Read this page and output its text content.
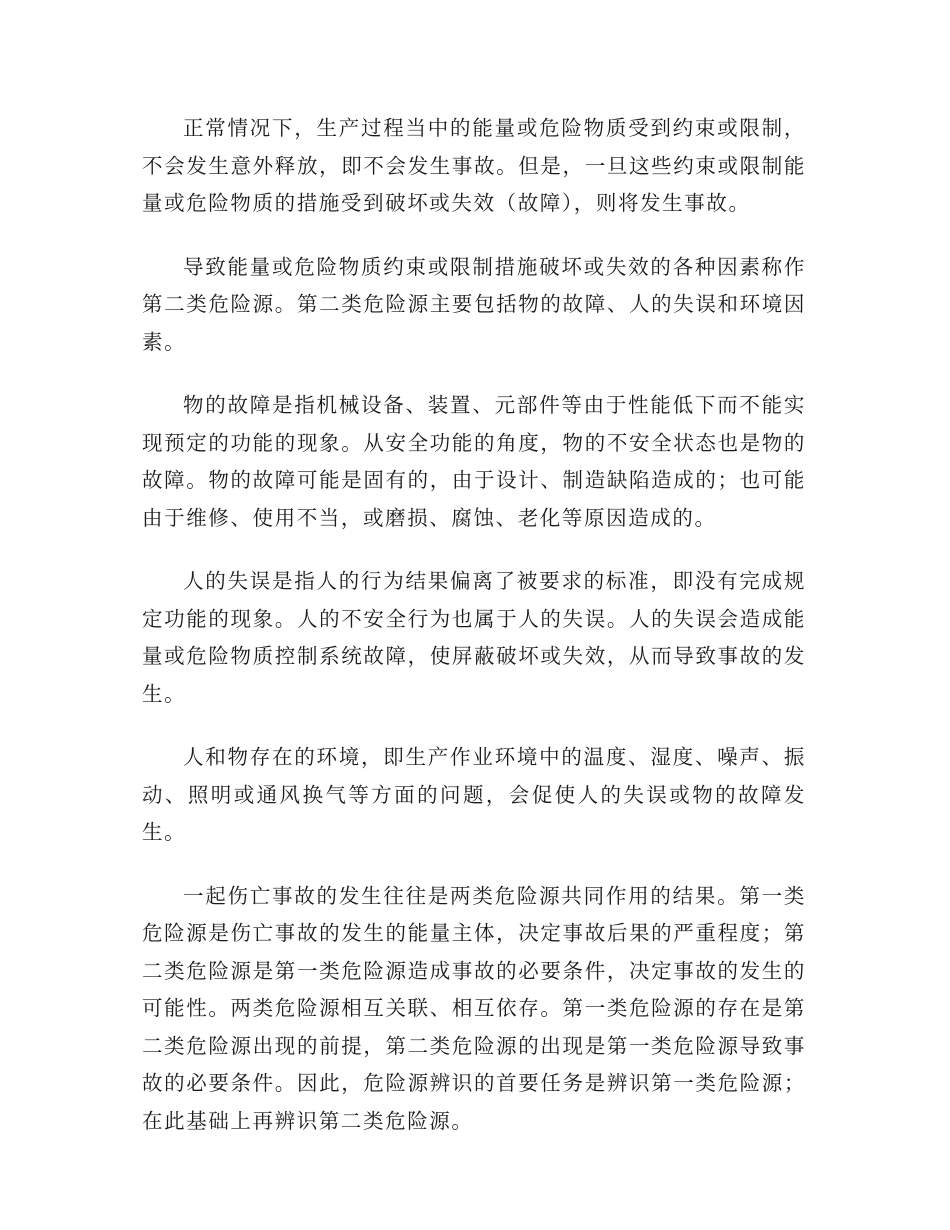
正常情况下，生产过程当中的能量或危险物质受到约束或限制，不会发生意外释放，即不会发生事故。但是，一旦这些约束或限制能量或危险物质的措施受到破坏或失效（故障），则将发生事故。

导致能量或危险物质约束或限制措施破坏或失效的各种因素称作第二类危险源。第二类危险源主要包括物的故障、人的失误和环境因素。

物的故障是指机械设备、装置、元部件等由于性能低下而不能实现预定的功能的现象。从安全功能的角度，物的不安全状态也是物的故障。物的故障可能是固有的，由于设计、制造缺陷造成的；也可能由于维修、使用不当，或磨损、腐蚀、老化等原因造成的。

人的失误是指人的行为结果偏离了被要求的标准，即没有完成规定功能的现象。人的不安全行为也属于人的失误。人的失误会造成能量或危险物质控制系统故障，使屏蔽破坏或失效，从而导致事故的发生。

人和物存在的环境，即生产作业环境中的温度、湿度、噪声、振动、照明或通风换气等方面的问题，会促使人的失误或物的故障发生。

一起伤亡事故的发生往往是两类危险源共同作用的结果。第一类危险源是伤亡事故的发生的能量主体，决定事故后果的严重程度；第二类危险源是第一类危险源造成事故的必要条件，决定事故的发生的可能性。两类危险源相互关联、相互依存。第一类危险源的存在是第二类危险源出现的前提，第二类危险源的出现是第一类危险源导致事故的必要条件。因此，危险源辨识的首要任务是辨识第一类危险源；在此基础上再辨识第二类危险源。
